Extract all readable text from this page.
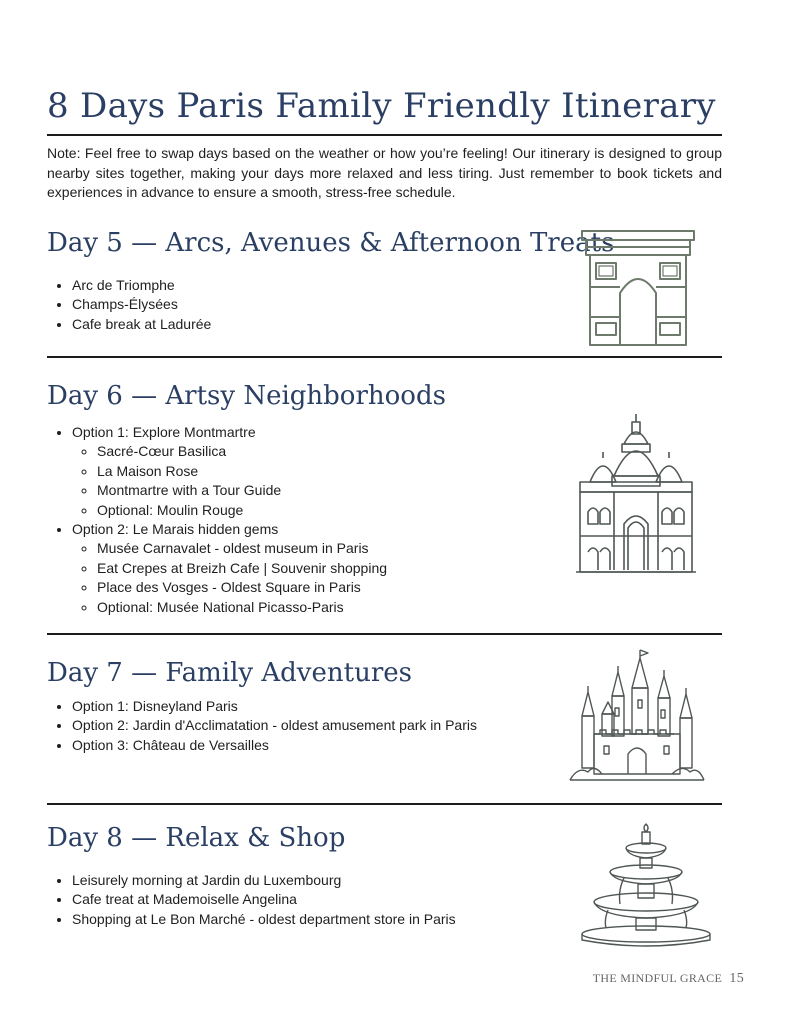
8 Days Paris Family Friendly Itinerary

Note: Feel free to swap days based on the weather or how you’re feeling! Our itinerary is designed to group nearby sites together, making your days more relaxed and less tiring. Just remember to book tickets and experiences in advance to ensure a smooth, stress-free schedule.

Day 5 — Arcs, Avenues & Afternoon Treats
• Arc de Triomphe
• Champs-Élysées
• Cafe break at Ladurée
Day 6 — Artsy Neighborhoods
• Option 1: Explore Montmartre
◦ Sacré-Cœur Basilica
◦ La Maison Rose
◦ Montmartre with a Tour Guide
◦ Optional: Moulin Rouge
• Option 2: Le Marais hidden gems
◦ Musée Carnavalet - oldest museum in Paris
◦ Eat Crepes at Breizh Cafe | Souvenir shopping
◦ Place des Vosges - Oldest Square in Paris
◦ Optional: Musée National Picasso-Paris
Day 7 — Family Adventures
• Option 1: Disneyland Paris
• Option 2: Jardin d'Acclimatation - oldest amusement park in Paris
• Option 3: Château de Versailles
Day 8 — Relax & Shop
• Leisurely morning at Jardin du Luxembourg
• Cafe treat at Mademoiselle Angelina
• Shopping at Le Bon Marché - oldest department store in Paris
THE MINDFUL GRACE 15
